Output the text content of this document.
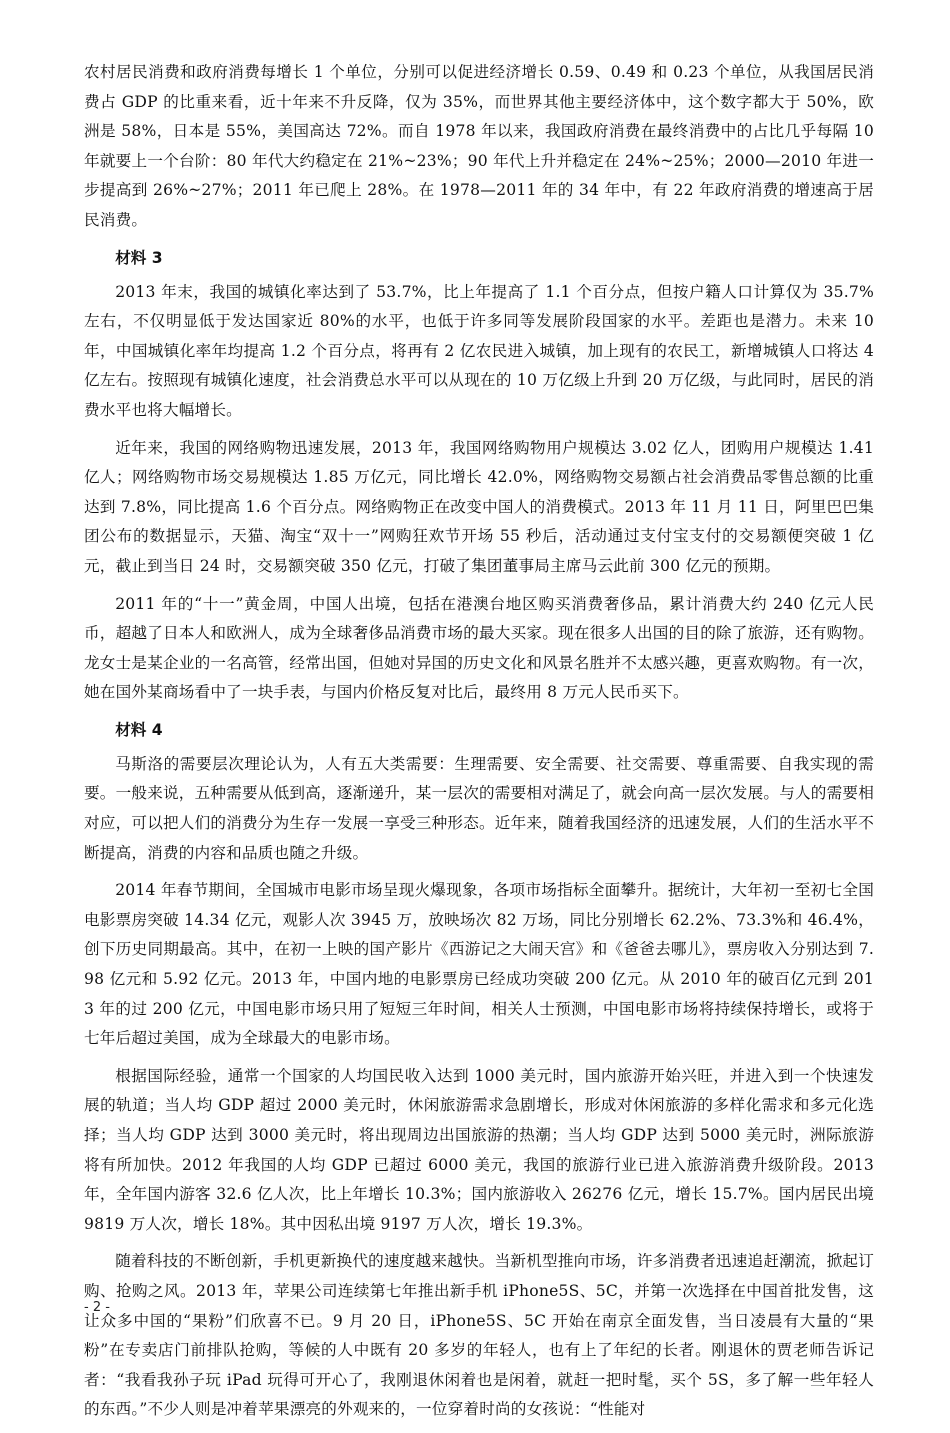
农村居民消费和政府消费每增长 1 个单位，分别可以促进经济增长 0.59、0.49 和 0.23 个单位，从我国居民消费占 GDP 的比重来看，近十年来不升反降，仅为 35%，而世界其他主要经济体中，这个数字都大于 50%，欧洲是 58%，日本是 55%，美国高达 72%。而自 1978 年以来，我国政府消费在最终消费中的占比几乎每隔 10 年就要上一个台阶：80 年代大约稳定在 21%~23%；90 年代上升并稳定在 24%~25%；2000—2010 年进一步提高到 26%~27%；2011 年已爬上 28%。在 1978—2011 年的 34 年中，有 22 年政府消费的增速高于居民消费。

材料 3

2013 年末，我国的城镇化率达到了 53.7%，比上年提高了 1.1 个百分点，但按户籍人口计算仅为 35.7%左右，不仅明显低于发达国家近 80%的水平，也低于许多同等发展阶段国家的水平。差距也是潜力。未来 10 年，中国城镇化率年均提高 1.2 个百分点，将再有 2 亿农民进入城镇，加上现有的农民工，新增城镇人口将达 4 亿左右。按照现有城镇化速度，社会消费总水平可以从现在的 10 万亿级上升到 20 万亿级，与此同时，居民的消费水平也将大幅增长。

近年来，我国的网络购物迅速发展，2013 年，我国网络购物用户规模达 3.02 亿人，团购用户规模达 1.41 亿人；网络购物市场交易规模达 1.85 万亿元，同比增长 42.0%，网络购物交易额占社会消费品零售总额的比重达到 7.8%，同比提高 1.6 个百分点。网络购物正在改变中国人的消费模式。2013 年 11 月 11 日，阿里巴巴集团公布的数据显示，天猫、淘宝“双十一”网购狂欢节开场 55 秒后，活动通过支付宝支付的交易额便突破 1 亿元，截止到当日 24 时，交易额突破 350 亿元，打破了集团董事局主席马云此前 300 亿元的预期。

2011 年的“十一”黄金周，中国人出境，包括在港澳台地区购买消费奢侈品，累计消费大约 240 亿元人民币，超越了日本人和欧洲人，成为全球奢侈品消费市场的最大买家。现在很多人出国的目的除了旅游，还有购物。龙女士是某企业的一名高管，经常出国，但她对异国的历史文化和风景名胜并不太感兴趣，更喜欢购物。有一次，她在国外某商场看中了一块手表，与国内价格反复对比后，最终用 8 万元人民币买下。

材料 4

马斯洛的需要层次理论认为，人有五大类需要：生理需要、安全需要、社交需要、尊重需要、自我实现的需要。一般来说，五种需要从低到高，逐渐递升，某一层次的需要相对满足了，就会向高一层次发展。与人的需要相对应，可以把人们的消费分为生存一发展一享受三种形态。近年来，随着我国经济的迅速发展，人们的生活水平不断提高，消费的内容和品质也随之升级。

2014 年春节期间，全国城市电影市场呈现火爆现象，各项市场指标全面攀升。据统计，大年初一至初七全国电影票房突破 14.34 亿元，观影人次 3945 万，放映场次 82 万场，同比分别增长 62.2%、73.3%和 46.4%，创下历史同期最高。其中，在初一上映的国产影片《西游记之大闹天宫》和《爸爸去哪儿》，票房收入分别达到 7.98 亿元和 5.92 亿元。2013 年，中国内地的电影票房已经成功突破 200 亿元。从 2010 年的破百亿元到 2013 年的过 200 亿元，中国电影市场只用了短短三年时间，相关人士预测，中国电影市场将持续保持增长，或将于七年后超过美国，成为全球最大的电影市场。

根据国际经验，通常一个国家的人均国民收入达到 1000 美元时，国内旅游开始兴旺，并进入到一个快速发展的轨道；当人均 GDP 超过 2000 美元时，休闲旅游需求急剧增长，形成对休闲旅游的多样化需求和多元化选择；当人均 GDP 达到 3000 美元时，将出现周边出国旅游的热潮；当人均 GDP 达到 5000 美元时，洲际旅游将有所加快。2012 年我国的人均 GDP 已超过 6000 美元，我国的旅游行业已进入旅游消费升级阶段。2013 年，全年国内游客 32.6 亿人次，比上年增长 10.3%；国内旅游收入 26276 亿元，增长 15.7%。国内居民出境 9819 万人次，增长 18%。其中因私出境 9197 万人次，增长 19.3%。

随着科技的不断创新，手机更新换代的速度越来越快。当新机型推向市场，许多消费者迅速追赶潮流，掀起订购、抢购之风。2013 年，苹果公司连续第七年推出新手机 iPhone5S、5C，并第一次选择在中国首批发售，这让众多中国的“果粉”们欣喜不已。9 月 20 日，iPhone5S、5C 开始在南京全面发售，当日凌晨有大量的“果粉”在专卖店门前排队抢购，等候的人中既有 20 多岁的年轻人，也有上了年纪的长者。刚退休的贾老师告诉记者：“我看我孙子玩 iPad 玩得可开心了，我刚退休闲着也是闲着，就赶一把时髦，买个 5S，多了解一些年轻人的东西。”不少人则是冲着苹果漂亮的外观来的，一位穿着时尚的女孩说：“性能对

- 2 -
